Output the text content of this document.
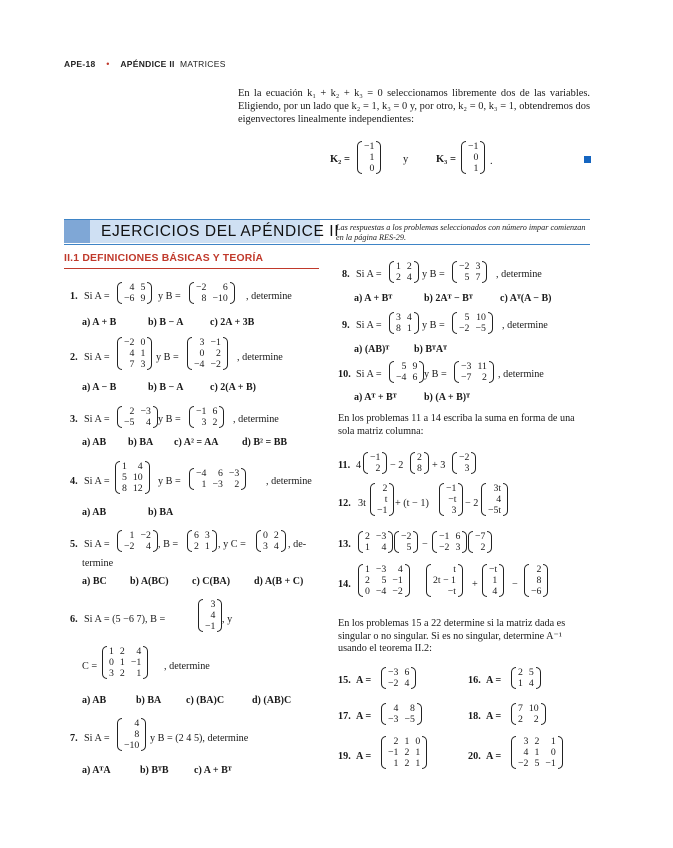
APE-18 • APÉNDICE II MATRICES
En la ecuación k₁ + k₂ + k₃ = 0 seleccionamos libremente dos de las variables. Eligiendo, por un lado que k₂ = 1, k₃ = 0 y, por otro, k₂ = 0, k₃ = 1, obtendremos dos eigenvectores linealmente independientes:
K₂ =
−1
1
0
y	K₃ =
−1
0
1
.
EJERCICIOS DEL APÉNDICE II
Las respuestas a los problemas seleccionados con número impar comienzan en la página RES-29.
II.1 DEFINICIONES BÁSICAS Y TEORÍA
1. Si A =
4	5
−6	9 y B =
−2	6
8	−10 , determine
a) A + B	b) B − A	c) 2A + 3B
2. Si A =
−2	0
4	1
7	3
y B =
3	−1
0	2
−4	−2
, determine
a) A − B	b) B − A	c) 2(A + B)
3. Si A =
2	−3
−5	4 y B =
−1	6
3	2 , determine
a) AB b) BA c) A² = AA d) B² = BB
4. Si A =
1	4
5	10
8	12
y B =
−4	6	−3
1	−3	2	, determine
a) AB	b) BA
5. Si A =
1	−2
−2	4 , B =
6	3
2	1 , y C =
0	2
3	4 , de-
termine
a) BC b) A(BC) c) C(BA) d) A(B + C)
6. Si A = (5 −6 7), B =
3
4
−1
, y
C =
1	2	4
0	1	−1
3	2	1
, determine
a) AB	b) BA c) (BA)C	d) (AB)C
7. Si A =
4
8
−10
y B = (2 4 5), determine
a) AᵀA	b) BᵀB	c) A + Bᵀ
8. Si A =
1	2
2	4 y B =
−2	3
5	7 , determine
a) A + Bᵀ	b) 2Aᵀ − Bᵀ	c) Aᵀ(A − B)
9. Si A =
3	4
8	1 y B =
5	10
−2	−5 , determine
a) (AB)ᵀ b) BᵀAᵀ
10. Si A =
5	9
−4	6 y B =
−3	11
−7	2 , determine
a) Aᵀ + Bᵀ	b) (A + B)ᵀ
En los problemas 11 a 14 escriba la suma en forma de una sola matriz columna:
11. 4
−1
2 − 2
2
8 + 3
−2
3
12. 3t
2
t
−1
+ (t − 1)
−1
−t
3
− 2
3t
4
−5t
13.
2	−3
1	4
−2
5 −
−1	6
−2	3
−7
2
14.
1	−3	4
2	5	−1
0	−4	−2
t
2t − 1
−t
+
−t
1
4
−
2
8
−6
En los problemas 15 a 22 determine si la matriz dada es singular o no singular. Si es no singular, determine A⁻¹ usando el teorema II.2:
15. A =
−3	6
−2	4	16. A =
2	5
1	4
17. A =
4	8
−3	−5	18. A =
7	10
2	2
19. A =
2	1	0
−1	2	1
1	2	1
20. A =
3	2	1
4	1	0
−2	5	−1
